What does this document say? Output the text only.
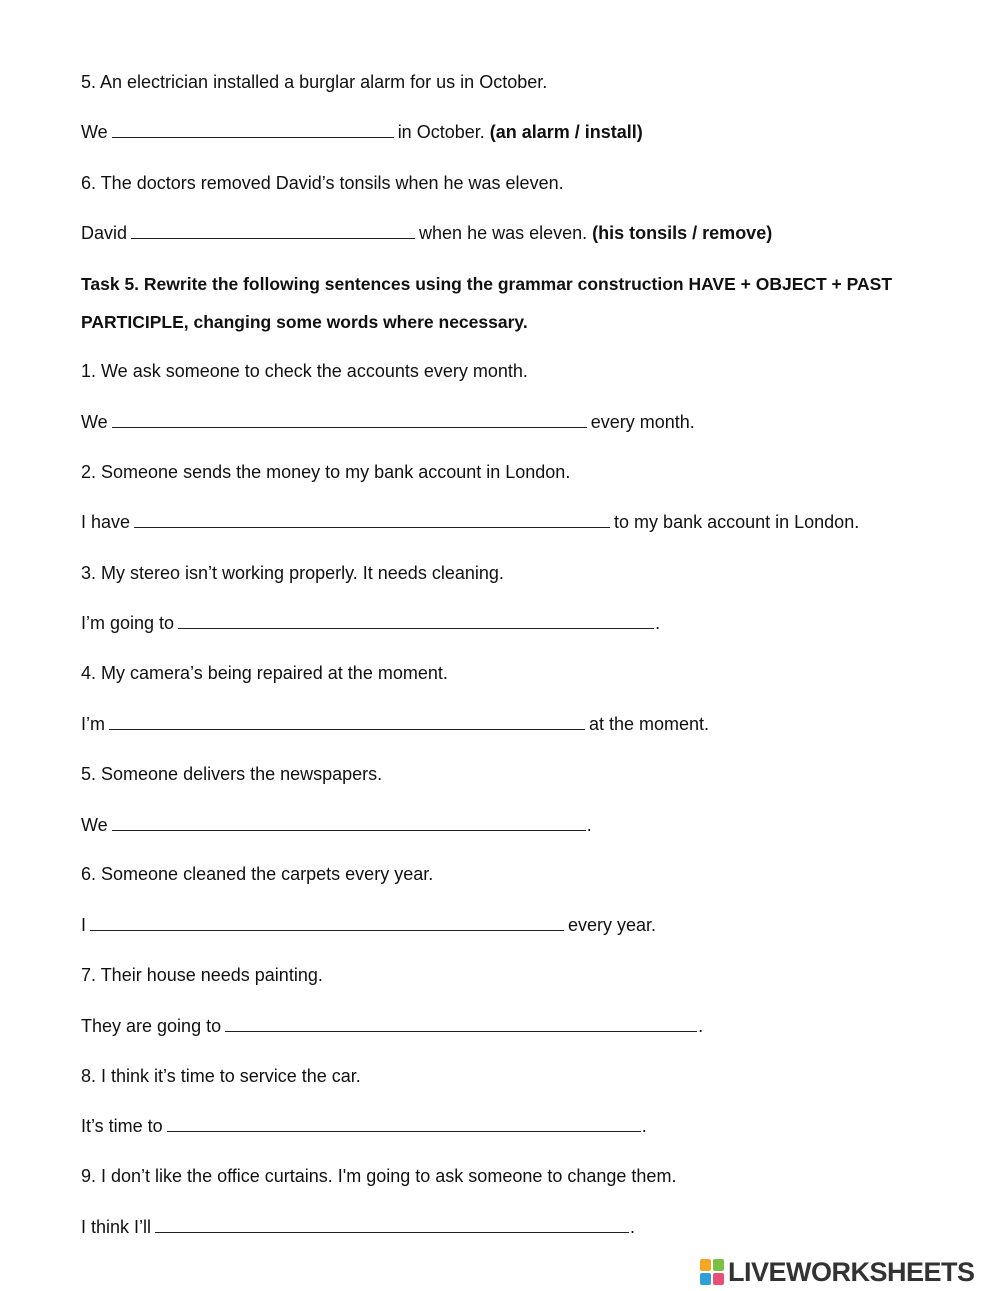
5. An electrician installed a burglar alarm for us in October.
We	in October. (an alarm / install)
6. The doctors removed David’s tonsils when he was eleven.
David	when he was eleven. (his tonsils / remove)
Task 5. Rewrite the following sentences using the grammar construction HAVE + OBJECT + PAST
PARTICIPLE, changing some words where necessary.
1. We ask someone to check the accounts every month.
We	every month.
2. Someone sends the money to my bank account in London.
I have	to my bank account in London.
3. My stereo isn’t working properly. It needs cleaning.
I’m going to	.
4. My camera’s being repaired at the moment.
I’m	at the moment.
5. Someone delivers the newspapers.
We	.
6. Someone cleaned the carpets every year.
I	every year.
7. Their house needs painting.
They are going to	.
8. I think it’s time to service the car.
It’s time to	.
9. I don’t like the office curtains. I'm going to ask someone to change them.
I think I’ll	.
LIVEWORKSHEETS
